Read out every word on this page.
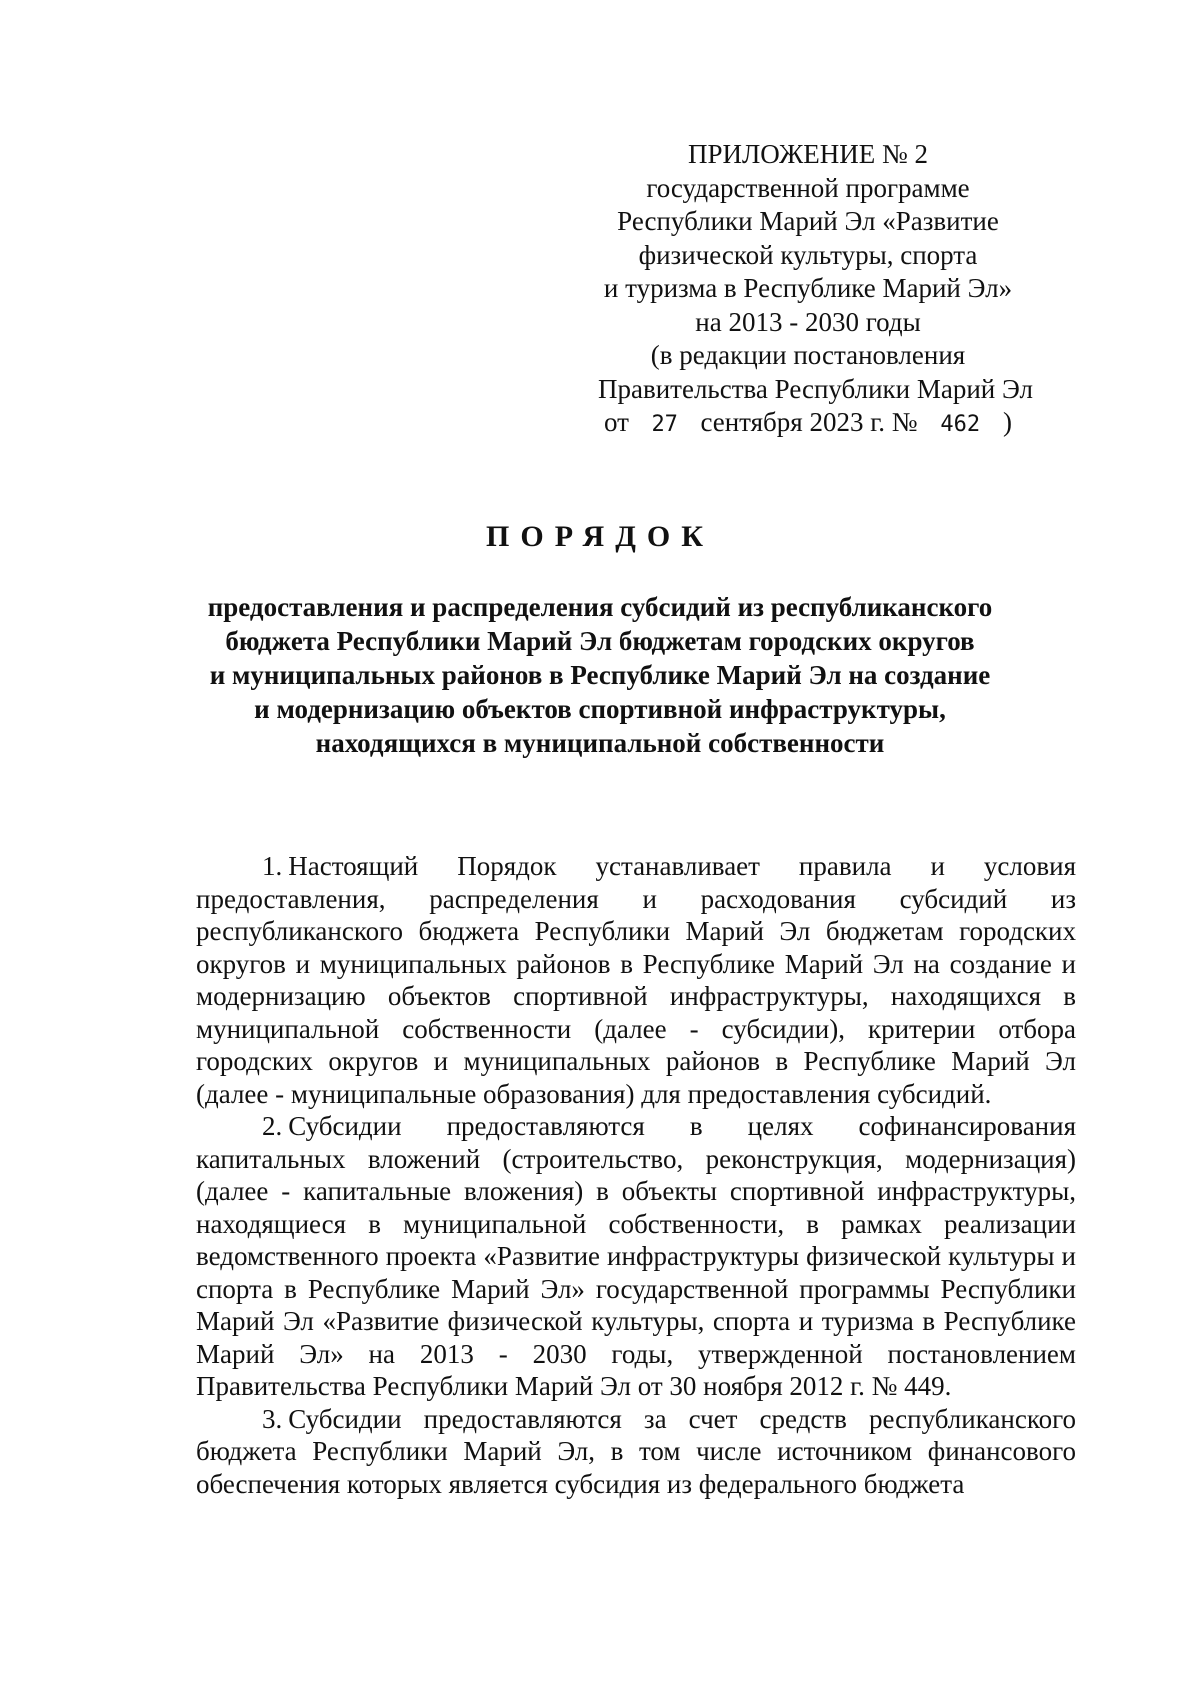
ПРИЛОЖЕНИЕ № 2
государственной программе
Республики Марий Эл «Развитие
физической культуры, спорта
и туризма в Республике Марий Эл»
на 2013 - 2030 годы
(в редакции постановления
Правительства Республики Марий Эл
от 27 сентября 2023 г. № 462 )
ПОРЯДОК
предоставления и распределения субсидий из республиканского
бюджета Республики Марий Эл бюджетам городских округов
и муниципальных районов в Республике Марий Эл на создание
и модернизацию объектов спортивной инфраструктуры,
находящихся в муниципальной собственности

1. Настоящий Порядок устанавливает правила и условия предоставления, распределения и расходования субсидий из республиканского бюджета Республики Марий Эл бюджетам городских округов и муниципальных районов в Республике Марий Эл на создание и модернизацию объектов спортивной инфраструктуры, находящихся в муниципальной собственности (далее - субсидии), критерии отбора городских округов и муниципальных районов в Республике Марий Эл (далее - муниципальные образования) для предоставления субсидий.

2. Субсидии предоставляются в целях софинансирования капитальных вложений (строительство, реконструкция, модернизация) (далее - капитальные вложения) в объекты спортивной инфраструктуры, находящиеся в муниципальной собственности, в рамках реализации ведомственного проекта «Развитие инфраструктуры физической культуры и спорта в Республике Марий Эл» государственной программы Республики Марий Эл «Развитие физической культуры, спорта и туризма в Республике Марий Эл» на 2013 - 2030 годы, утвержденной постановлением Правительства Республики Марий Эл от 30 ноября 2012 г. № 449.

3. Субсидии предоставляются за счет средств республиканского бюджета Республики Марий Эл, в том числе источником финансового обеспечения которых является субсидия из федерального бюджета
